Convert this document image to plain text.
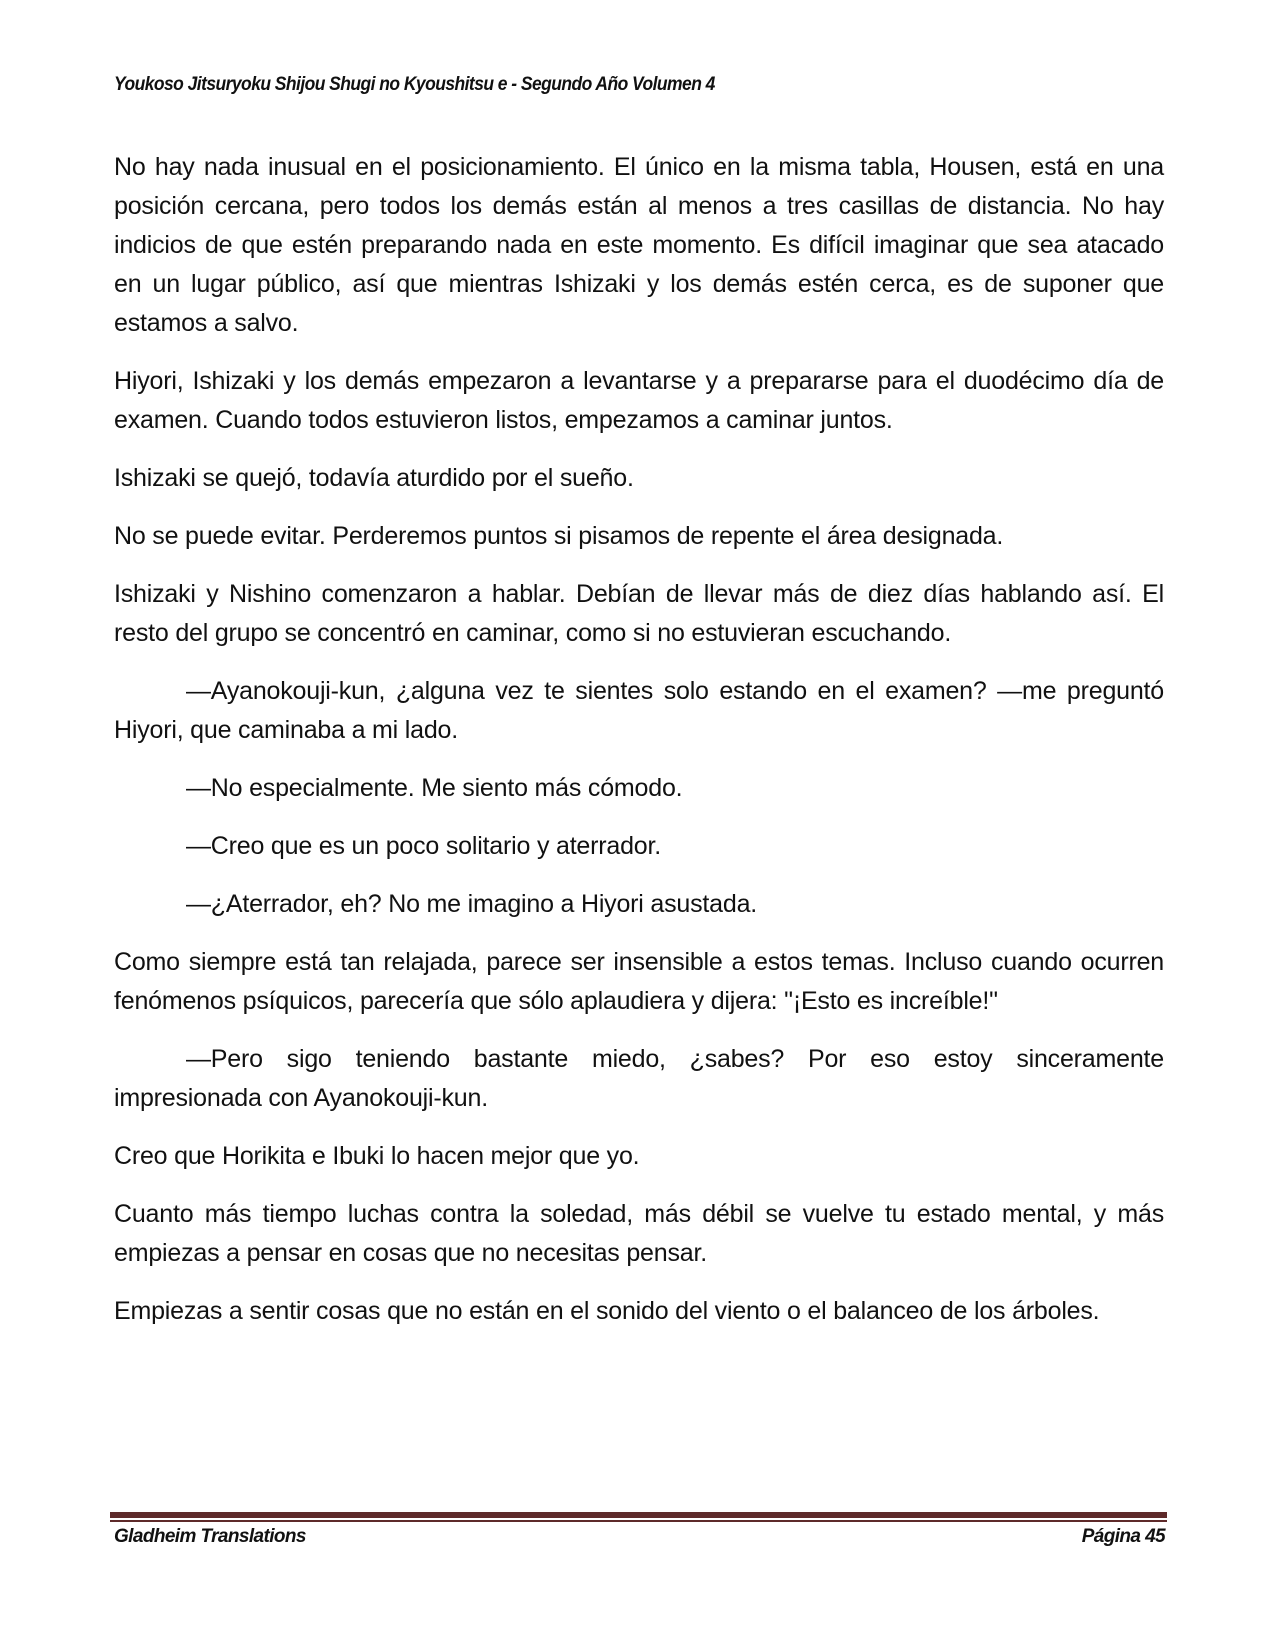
Youkoso Jitsuryoku Shijou Shugi no Kyoushitsu e - Segundo Año Volumen 4

No hay nada inusual en el posicionamiento. El único en la misma tabla, Housen, está en una posición cercana, pero todos los demás están al menos a tres casillas de distancia. No hay indicios de que estén preparando nada en este momento. Es difícil imaginar que sea atacado en un lugar público, así que mientras Ishizaki y los demás estén cerca, es de suponer que estamos a salvo.

Hiyori, Ishizaki y los demás empezaron a levantarse y a prepararse para el duodécimo día de examen. Cuando todos estuvieron listos, empezamos a caminar juntos.

Ishizaki se quejó, todavía aturdido por el sueño.

No se puede evitar. Perderemos puntos si pisamos de repente el área designada.

Ishizaki y Nishino comenzaron a hablar. Debían de llevar más de diez días hablando así. El resto del grupo se concentró en caminar, como si no estuvieran escuchando.

—Ayanokouji-kun, ¿alguna vez te sientes solo estando en el examen? —me preguntó Hiyori, que caminaba a mi lado.

—No especialmente. Me siento más cómodo.

—Creo que es un poco solitario y aterrador.

—¿Aterrador, eh? No me imagino a Hiyori asustada.

Como siempre está tan relajada, parece ser insensible a estos temas. Incluso cuando ocurren fenómenos psíquicos, parecería que sólo aplaudiera y dijera: "¡Esto es increíble!"

—Pero sigo teniendo bastante miedo, ¿sabes? Por eso estoy sinceramente impresionada con Ayanokouji-kun.

Creo que Horikita e Ibuki lo hacen mejor que yo.

Cuanto más tiempo luchas contra la soledad, más débil se vuelve tu estado mental, y más empiezas a pensar en cosas que no necesitas pensar.

Empiezas a sentir cosas que no están en el sonido del viento o el balanceo de los árboles.

Gladheim Translations	Página 45
